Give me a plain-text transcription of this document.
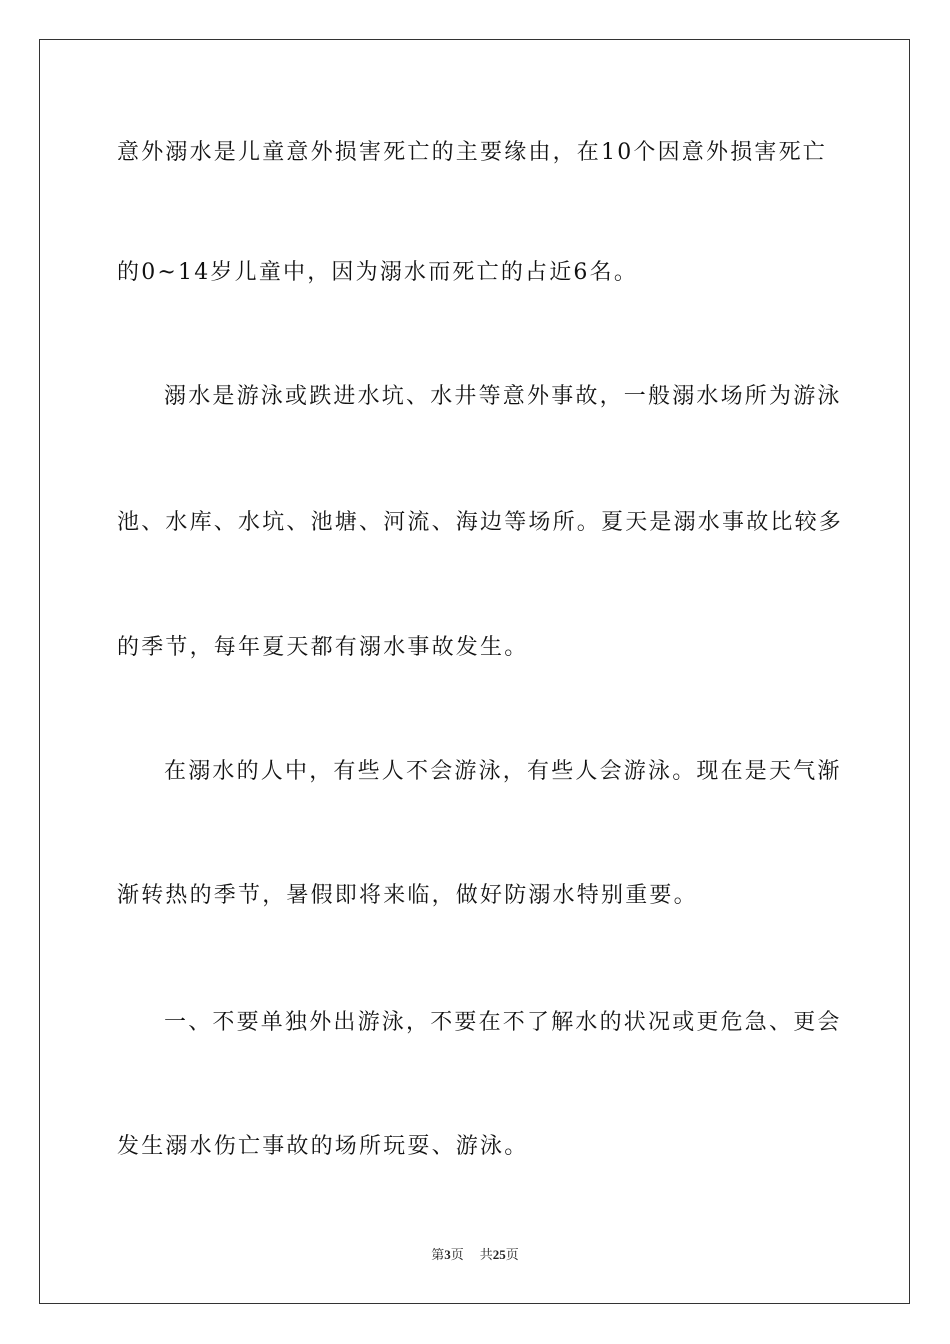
意外溺水是儿童意外损害死亡的主要缘由，在10个因意外损害死亡
的0~14岁儿童中，因为溺水而死亡的占近6名。
溺水是游泳或跌进水坑、水井等意外事故，一般溺水场所为游泳
池、水库、水坑、池塘、河流、海边等场所。夏天是溺水事故比较多
的季节，每年夏天都有溺水事故发生。
在溺水的人中，有些人不会游泳，有些人会游泳。现在是天气渐
渐转热的季节，暑假即将来临，做好防溺水特别重要。
一、不要单独外出游泳，不要在不了解水的状况或更危急、更会
发生溺水伤亡事故的场所玩耍、游泳。
第3页 共25页
